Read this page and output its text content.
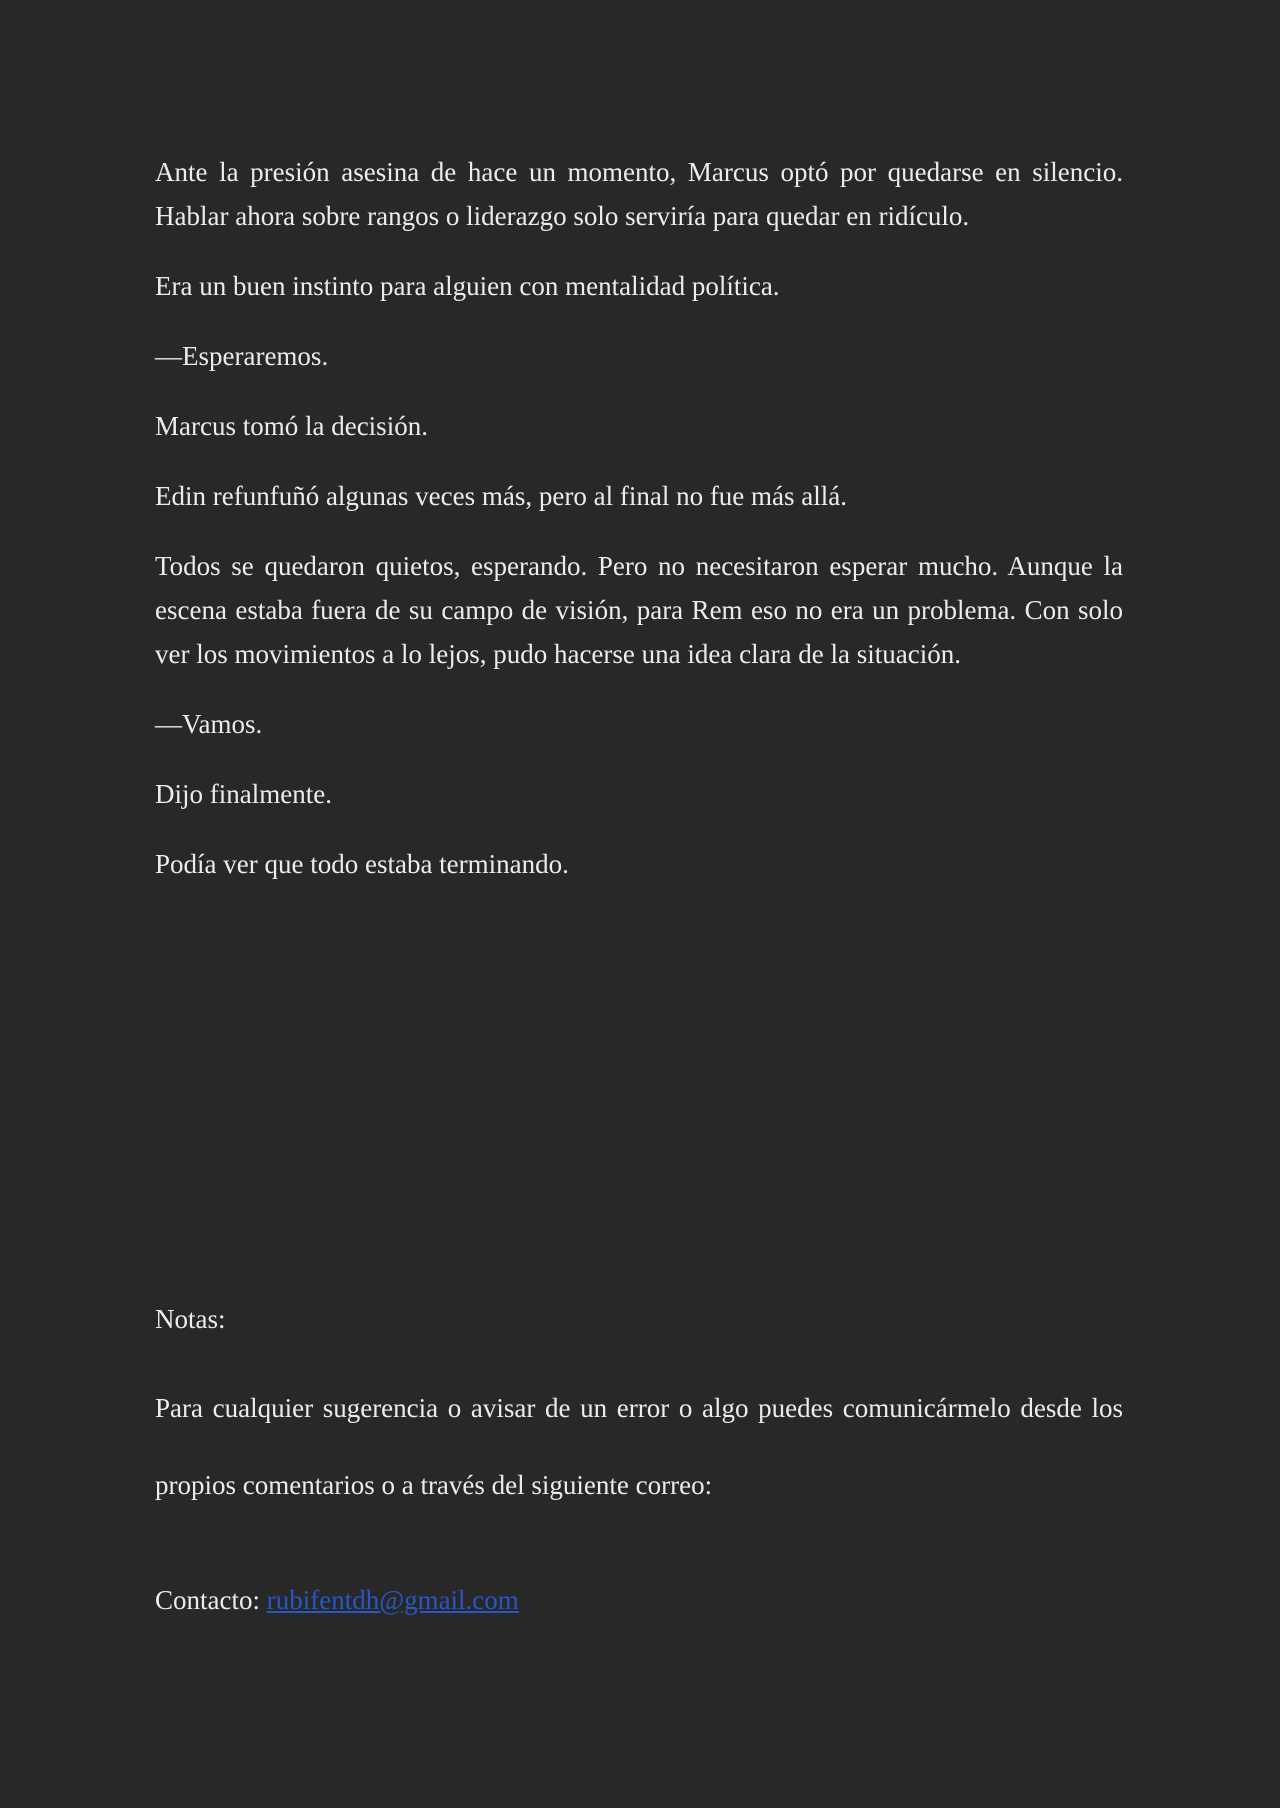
Ante la presión asesina de hace un momento, Marcus optó por quedarse en silencio. Hablar ahora sobre rangos o liderazgo solo serviría para quedar en ridículo.

Era un buen instinto para alguien con mentalidad política.

—Esperaremos.

Marcus tomó la decisión.

Edin refunfuñó algunas veces más, pero al final no fue más allá.

Todos se quedaron quietos, esperando. Pero no necesitaron esperar mucho. Aunque la escena estaba fuera de su campo de visión, para Rem eso no era un problema. Con solo ver los movimientos a lo lejos, pudo hacerse una idea clara de la situación.

—Vamos.

Dijo finalmente.

Podía ver que todo estaba terminando.

Notas:

Para cualquier sugerencia o avisar de un error o algo puedes comunicármelo desde los propios comentarios o a través del siguiente correo:

Contacto: rubifentdh@gmail.com
